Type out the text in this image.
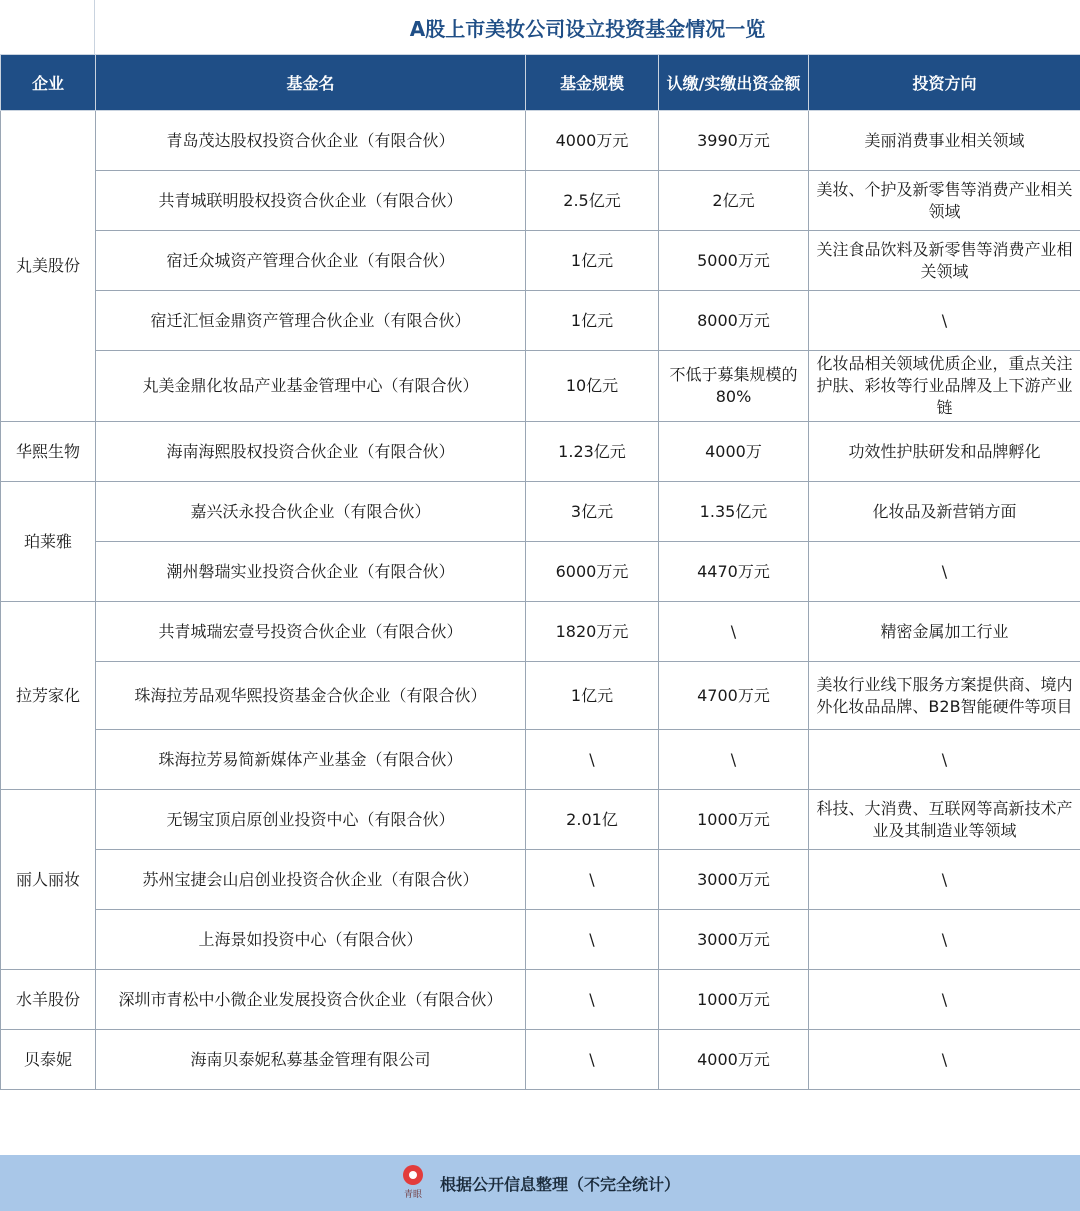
A股上市美妆公司设立投资基金情况一览
企业	基金名	基金规模	认缴/实缴出资金额	投资方向
丸美股份	青岛茂达股权投资合伙企业（有限合伙）	4000万元	3990万元	美丽消费事业相关领域
	共青城联明股权投资合伙企业（有限合伙）	2.5亿元	2亿元	美妆、个护及新零售等消费产业相关领域
	宿迁众城资产管理合伙企业（有限合伙）	1亿元	5000万元	关注食品饮料及新零售等消费产业相关领域
	宿迁汇恒金鼎资产管理合伙企业（有限合伙）	1亿元	8000万元	\
	丸美金鼎化妆品产业基金管理中心（有限合伙）	10亿元	不低于募集规模的80%	化妆品相关领域优质企业，重点关注护肤、彩妆等行业品牌及上下游产业链
华熙生物	海南海熙股权投资合伙企业（有限合伙）	1.23亿元	4000万	功效性护肤研发和品牌孵化
珀莱雅	嘉兴沃永投合伙企业（有限合伙）	3亿元	1.35亿元	化妆品及新营销方面
	潮州磐瑞实业投资合伙企业（有限合伙）	6000万元	4470万元	\
拉芳家化	共青城瑞宏壹号投资合伙企业（有限合伙）	1820万元	\	精密金属加工行业
	珠海拉芳品观华熙投资基金合伙企业（有限合伙）	1亿元	4700万元	美妆行业线下服务方案提供商、境内外化妆品品牌、B2B智能硬件等项目
	珠海拉芳易简新媒体产业基金（有限合伙）	\	\	\
丽人丽妆	无锡宝顶启原创业投资中心（有限合伙）	2.01亿	1000万元	科技、大消费、互联网等高新技术产业及其制造业等领域
	苏州宝捷会山启创业投资合伙企业（有限合伙）	\	3000万元	\
	上海景如投资中心（有限合伙）	\	3000万元	\
水羊股份	深圳市青松中小微企业发展投资合伙企业（有限合伙）	\	1000万元	\
贝泰妮	海南贝泰妮私募基金管理有限公司	\	4000万元	\
青眼
根据公开信息整理（不完全统计）
